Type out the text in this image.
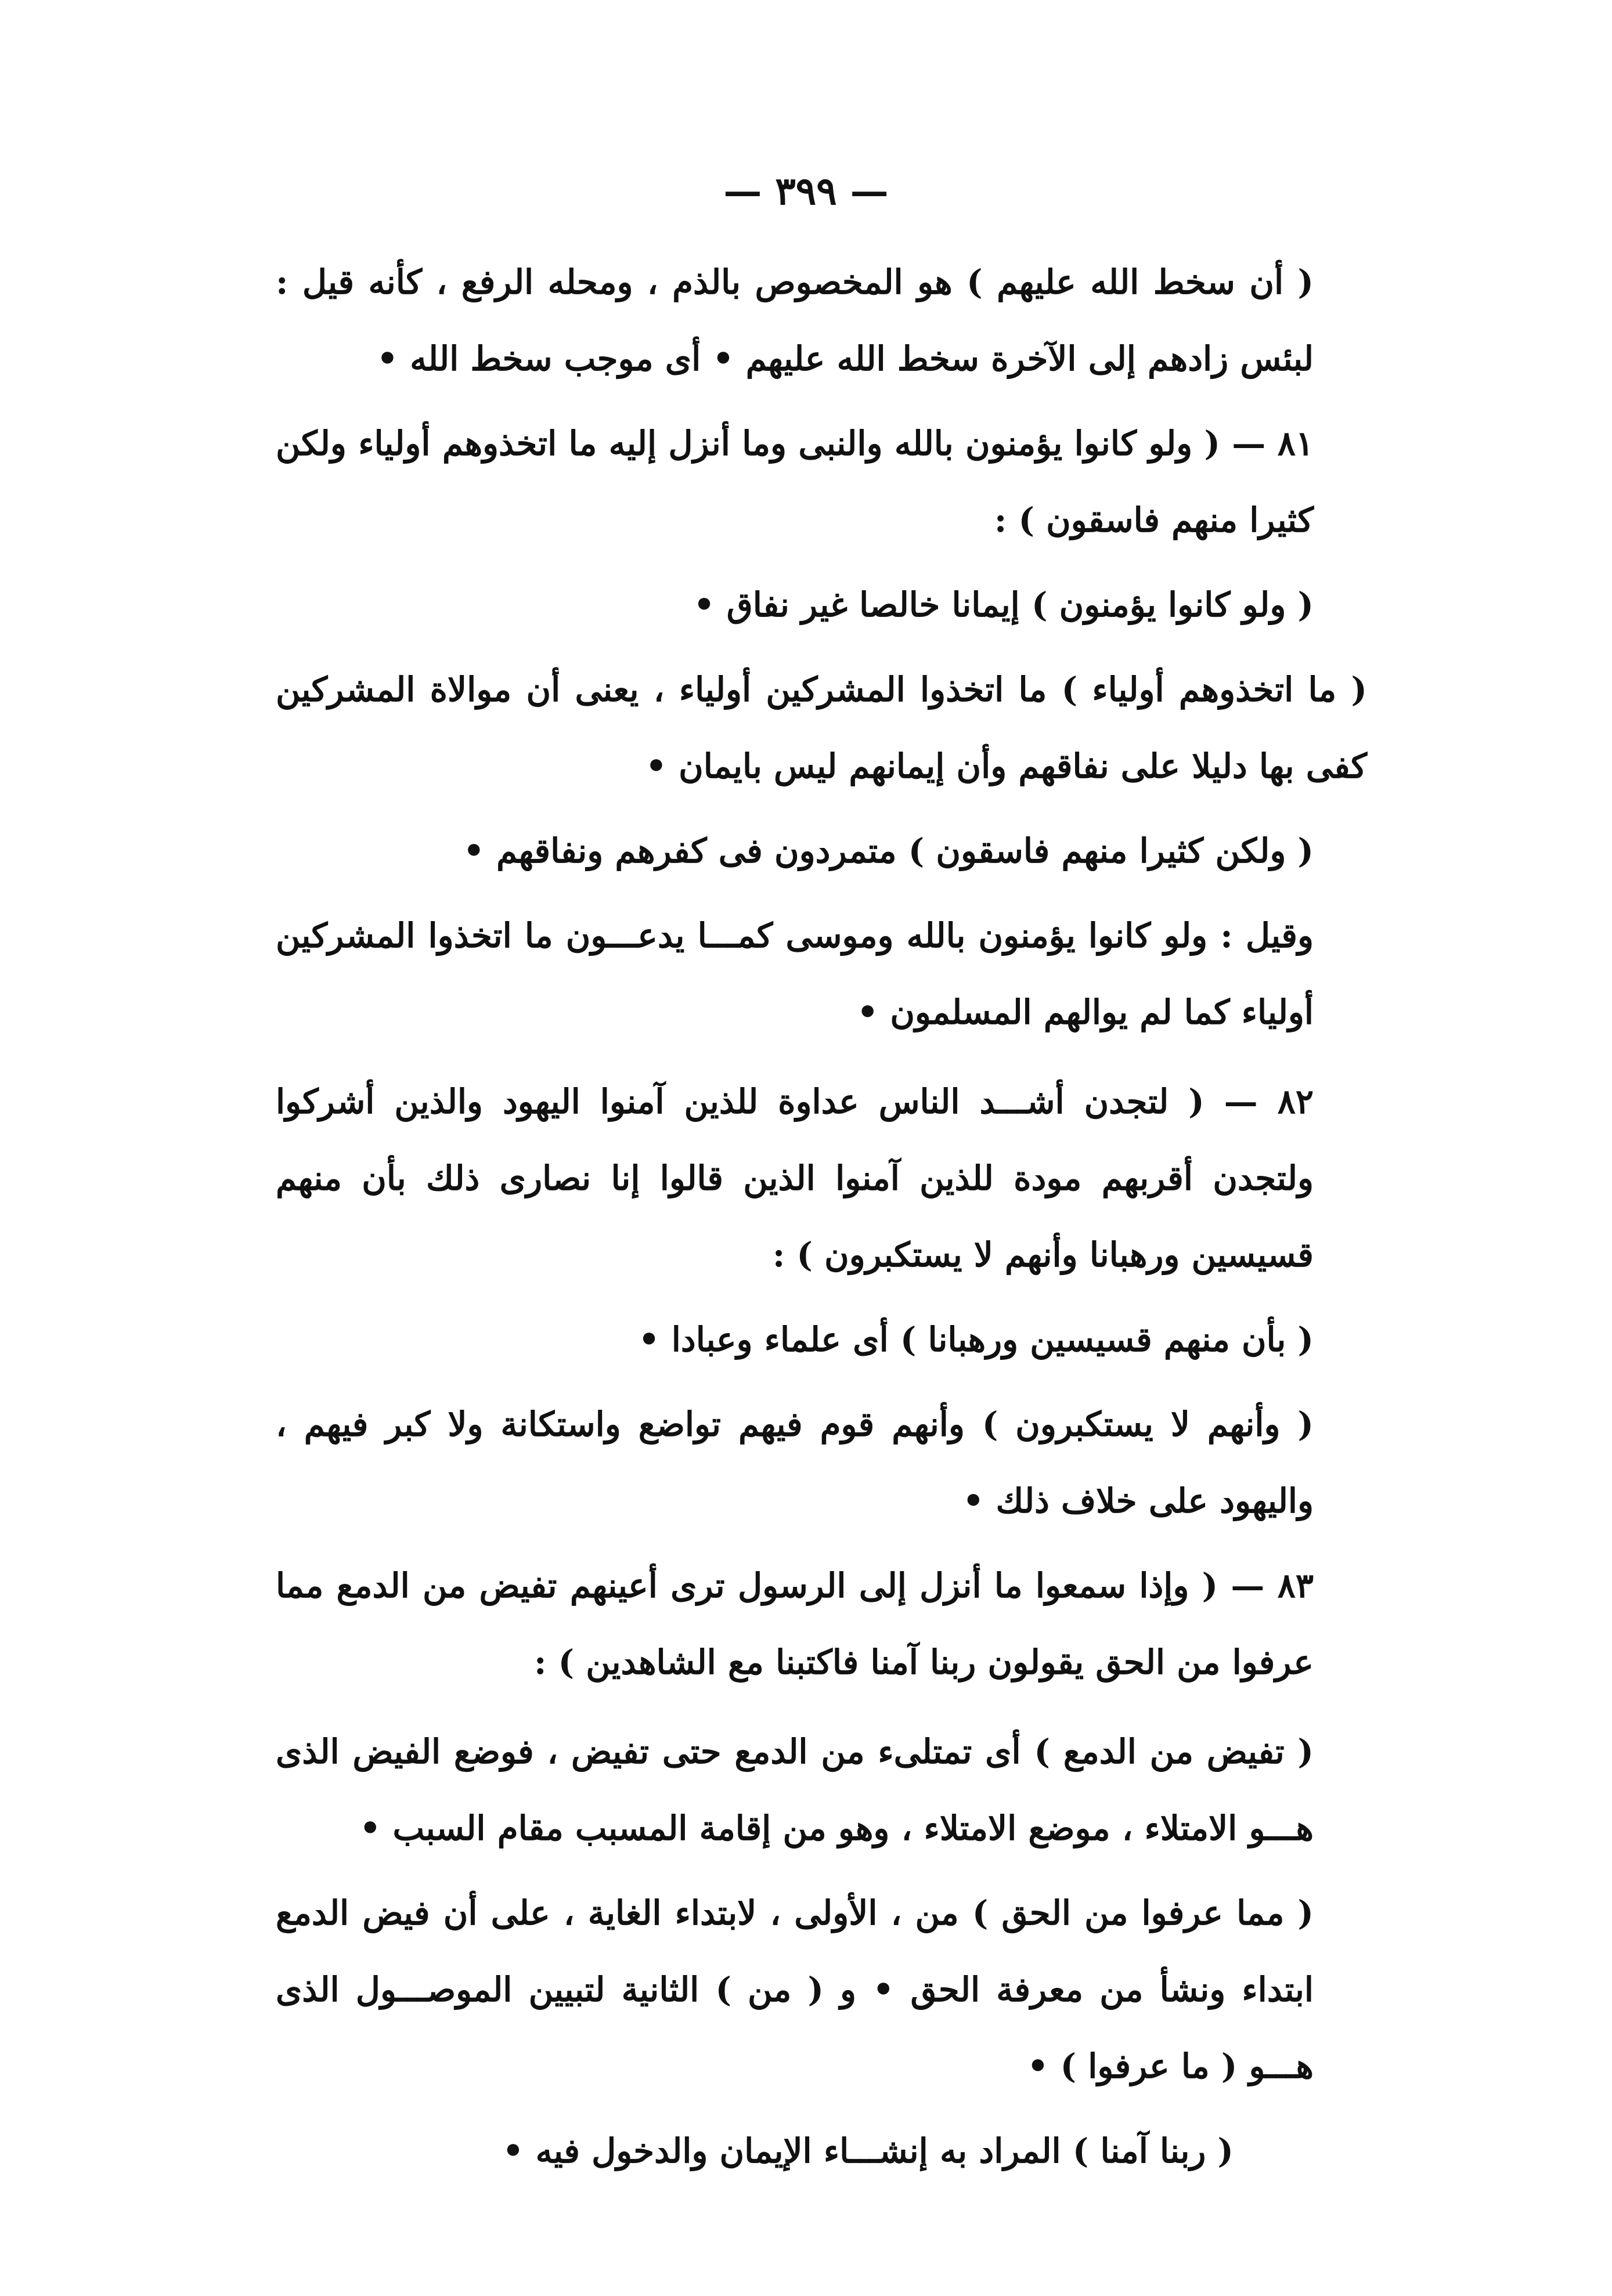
— ٣٩٩ —

( أن سخط الله عليهم ) هو المخصوص بالذم ، ومحله الرفع ، كأنه قيل : لبئس زادهم إلى الآخرة سخط الله عليهم • أى موجب سخط الله •

٨١ — ( ولو كانوا يؤمنون بالله والنبى وما أنزل إليه ما اتخذوهم أولياء ولكن كثيرا منهم فاسقون ) :

( ولو كانوا يؤمنون ) إيمانا خالصا غير نفاق •

( ما اتخذوهم أولياء ) ما اتخذوا المشركين أولياء ، يعنى أن موالاة المشركين كفى بها دليلا على نفاقهم وأن إيمانهم ليس بايمان •

( ولكن كثيرا منهم فاسقون ) متمردون فى كفرهم ونفاقهم •

وقيل : ولو كانوا يؤمنون بالله وموسى كمـــا يدعـــون ما اتخذوا المشركين أولياء كما لم يوالهم المسلمون •

٨٢ — ( لتجدن أشـــد الناس عداوة للذين آمنوا اليهود والذين أشركوا ولتجدن أقربهم مودة للذين آمنوا الذين قالوا إنا نصارى ذلك بأن منهم قسيسين ورهبانا وأنهم لا يستكبرون ) :

( بأن منهم قسيسين ورهبانا ) أى علماء وعبادا •

( وأنهم لا يستكبرون ) وأنهم قوم فيهم تواضع واستكانة ولا كبر فيهم ، واليهود على خلاف ذلك •

٨٣ — ( وإذا سمعوا ما أنزل إلى الرسول ترى أعينهم تفيض من الدمع مما عرفوا من الحق يقولون ربنا آمنا فاكتبنا مع الشاهدين ) :

( تفيض من الدمع ) أى تمتلىء من الدمع حتى تفيض ، فوضع الفيض الذى هـــو الامتلاء ، موضع الامتلاء ، وهو من إقامة المسبب مقام السبب •

( مما عرفوا من الحق ) من ، الأولى ، لابتداء الغاية ، على أن فيض الدمع ابتداء ونشأ من معرفة الحق • و ( من ) الثانية لتبيين الموصـــول الذى هـــو ( ما عرفوا ) •

( ربنا آمنا ) المراد به إنشـــاء الإيمان والدخول فيه •
